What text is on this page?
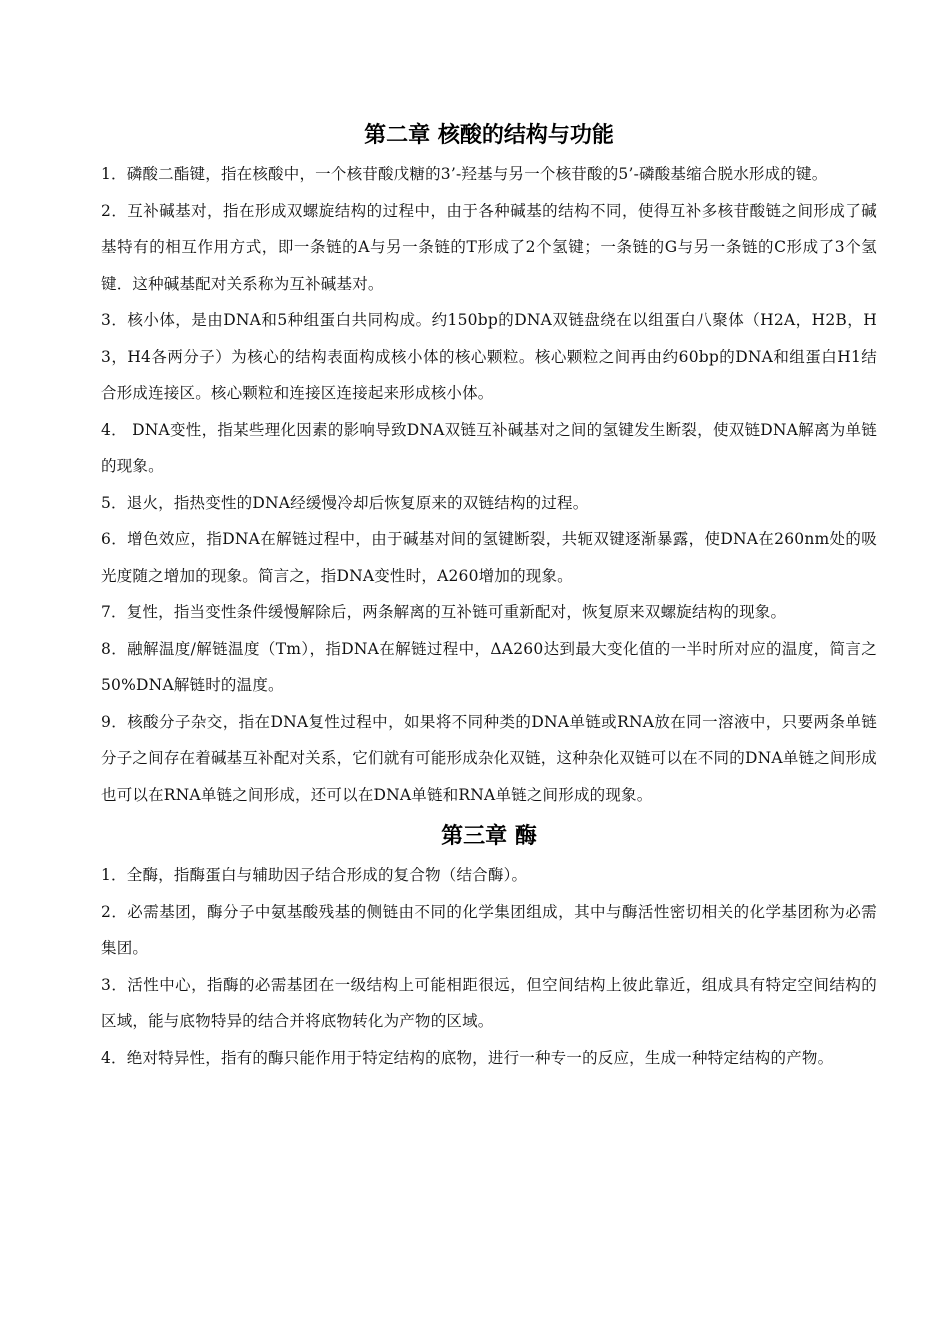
第二章 核酸的结构与功能

1．磷酸二酯键，指在核酸中，一个核苷酸戊糖的3’-羟基与另一个核苷酸的5’-磷酸基缩合脱水形成的键。

2．互补碱基对，指在形成双螺旋结构的过程中，由于各种碱基的结构不同，使得互补多核苷酸链之间形成了碱基特有的相互作用方式，即一条链的A与另一条链的T形成了2个氢键；一条链的G与另一条链的C形成了3个氢键．这种碱基配对关系称为互补碱基对。

3．核小体，是由DNA和5种组蛋白共同构成。约150bp的DNA双链盘绕在以组蛋白八聚体（H2A，H2B，H3，H4各两分子）为核心的结构表面构成核小体的核心颗粒。核心颗粒之间再由约60bp的DNA和组蛋白H1结合形成连接区。核心颗粒和连接区连接起来形成核小体。

4． DNA变性，指某些理化因素的影响导致DNA双链互补碱基对之间的氢键发生断裂，使双链DNA解离为单链的现象。

5．退火，指热变性的DNA经缓慢冷却后恢复原来的双链结构的过程。

6．增色效应，指DNA在解链过程中，由于碱基对间的氢键断裂，共轭双键逐渐暴露，使DNA在260nm处的吸光度随之增加的现象。简言之，指DNA变性时，A260增加的现象。

7．复性，指当变性条件缓慢解除后，两条解离的互补链可重新配对，恢复原来双螺旋结构的现象。

8．融解温度/解链温度（Tm），指DNA在解链过程中，ΔA260达到最大变化值的一半时所对应的温度，简言之50%DNA解链时的温度。

9．核酸分子杂交，指在DNA复性过程中，如果将不同种类的DNA单链或RNA放在同一溶液中，只要两条单链分子之间存在着碱基互补配对关系，它们就有可能形成杂化双链，这种杂化双链可以在不同的DNA单链之间形成也可以在RNA单链之间形成，还可以在DNA单链和RNA单链之间形成的现象。

第三章 酶

1．全酶，指酶蛋白与辅助因子结合形成的复合物（结合酶）。

2．必需基团，酶分子中氨基酸残基的侧链由不同的化学集团组成，其中与酶活性密切相关的化学基团称为必需集团。

3．活性中心，指酶的必需基团在一级结构上可能相距很远，但空间结构上彼此靠近，组成具有特定空间结构的区域，能与底物特异的结合并将底物转化为产物的区域。

4．绝对特异性，指有的酶只能作用于特定结构的底物，进行一种专一的反应，生成一种特定结构的产物。
